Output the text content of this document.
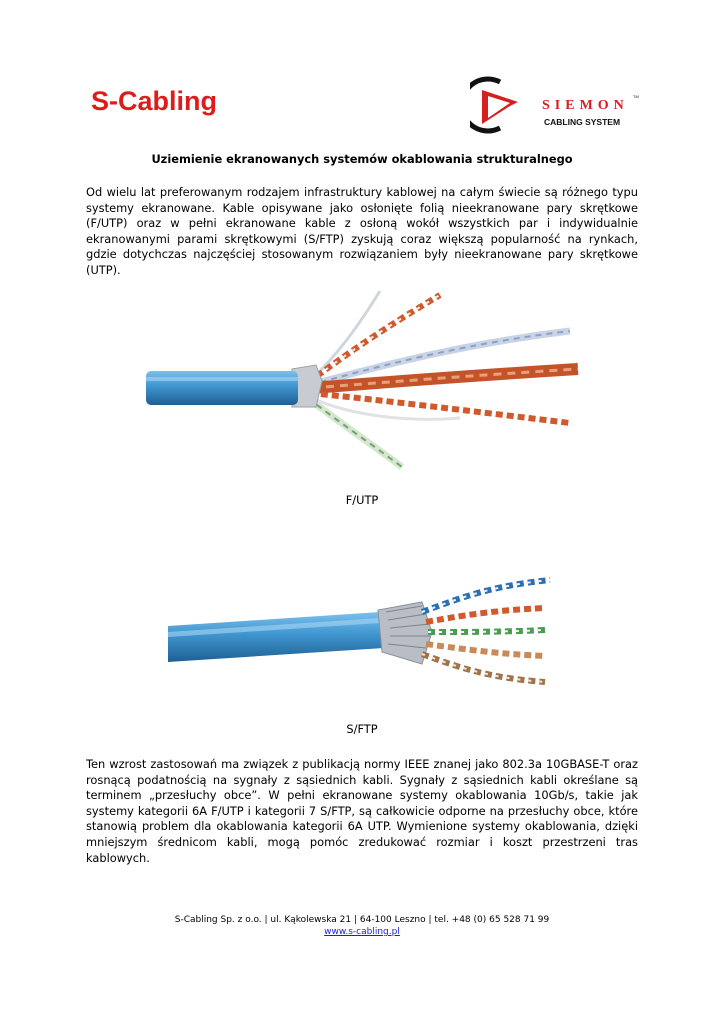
S-Cabling	SIEMON
TM
CABLING SYSTEM
Uziemienie ekranowanych systemów okablowania strukturalnego

Od wielu lat preferowanym rodzajem infrastruktury kablowej na całym świecie są różnego typu systemy ekranowane. Kable opisywane jako osłonięte folią nieekranowane pary skrętkowe (F/UTP) oraz w pełni ekranowane kable z osłoną wokół wszystkich par i indywidualnie ekranowanymi parami skrętkowymi (S/FTP) zyskują coraz większą popularność na rynkach, gdzie dotychczas najczęściej stosowanym rozwiązaniem były nieekranowane pary skrętkowe (UTP).

F/UTP

S/FTP

Ten wzrost zastosowań ma związek z publikacją normy IEEE znanej jako 802.3a 10GBASE-T oraz rosnącą podatnością na sygnały z sąsiednich kabli. Sygnały z sąsiednich kabli określane są terminem „przesłuchy obce”. W pełni ekranowane systemy okablowania 10Gb/s, takie jak systemy kategorii 6A F/UTP i kategorii 7 S/FTP, są całkowicie odporne na przesłuchy obce, które stanowią problem dla okablowania kategorii 6A UTP. Wymienione systemy okablowania, dzięki mniejszym średnicom kabli, mogą pomóc zredukować rozmiar i koszt przestrzeni tras kablowych.

S-Cabling Sp. z o.o. | ul. Kąkolewska 21 | 64-100 Leszno | tel. +48 (0) 65 528 71 99
www.s-cabling.pl
